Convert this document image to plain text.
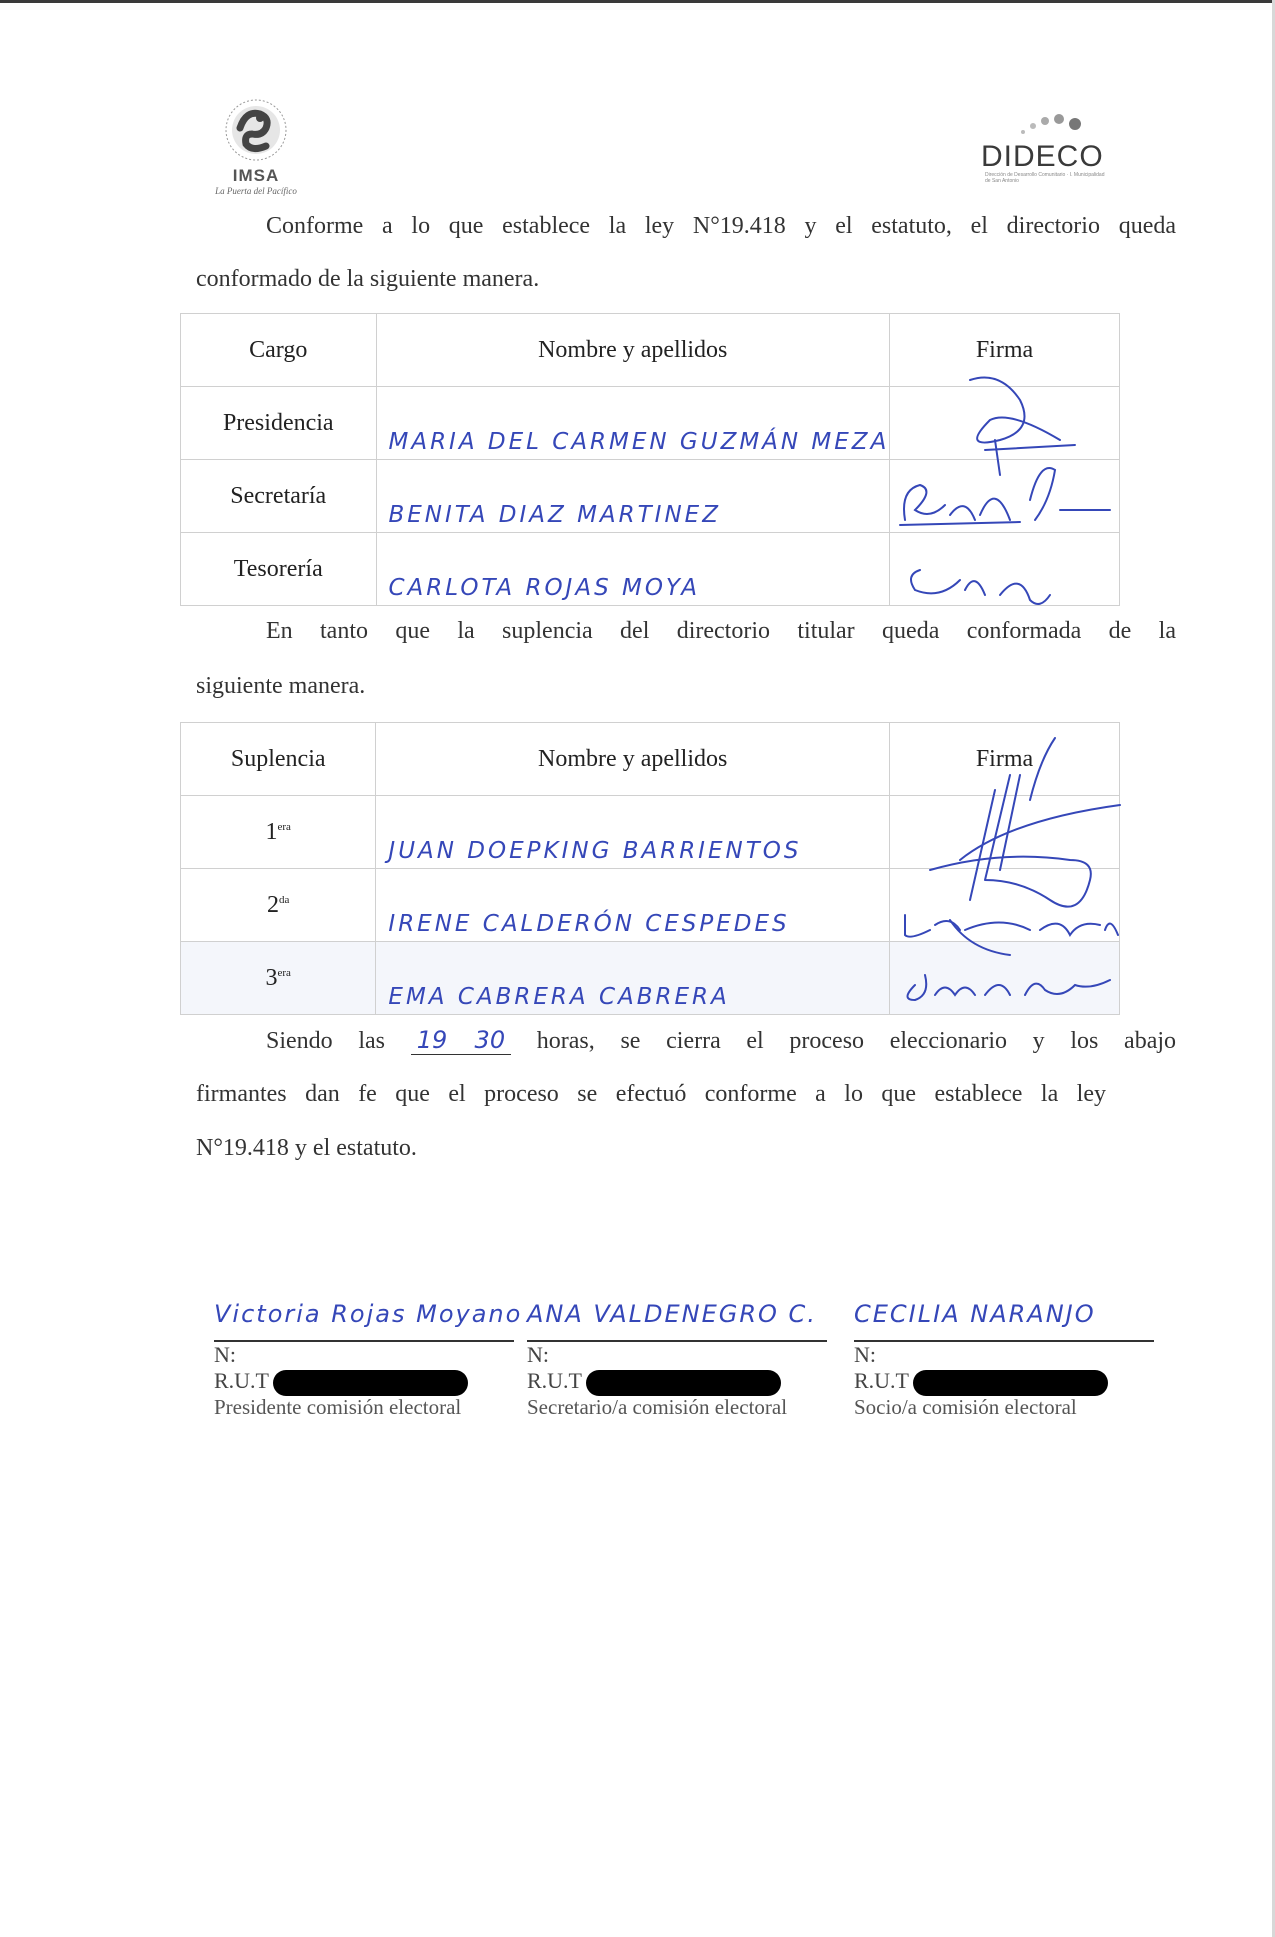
IMSA
La Puerta del Pacífico
DIDECO
Dirección de Desarrollo Comunitario · I. Municipalidad de San Antonio
Conforme a lo que establece la ley N°19.418 y el estatuto, el directorio queda
conformado de la siguiente manera.
Cargo	Nombre y apellidos	Firma
Presidencia	MARIA DEL CARMEN GUZMÁN MEZA	

Secretaría	BENITA DIAZ MARTINEZ	

Tesorería	CARLOTA ROJAS MOYA	

En tanto que la suplencia del directorio titular queda conformada de la
siguiente manera.
Suplencia	Nombre y apellidos	Firma
$1^{era}$	JUAN DOEPKING BARRIENTOS	

$2^{da}$	IRENE CALDERÓN CESPEDES	

$3^{era}$	EMA CABRERA CABRERA	

Siendo las 19 30 horas, se cierra el proceso eleccionario y los abajo
firmantes dan fe que el proceso se efectuó conforme a lo que establece la ley
N°19.418 y el estatuto.
Victoria Rojas Moyano
N:
R.U.T
Presidente comisión electoral
ANA VALDENEGRO C.
N:
R.U.T
Secretario/a comisión electoral
CECILIA NARANJO
N:
R.U.T
Socio/a comisión electoral
